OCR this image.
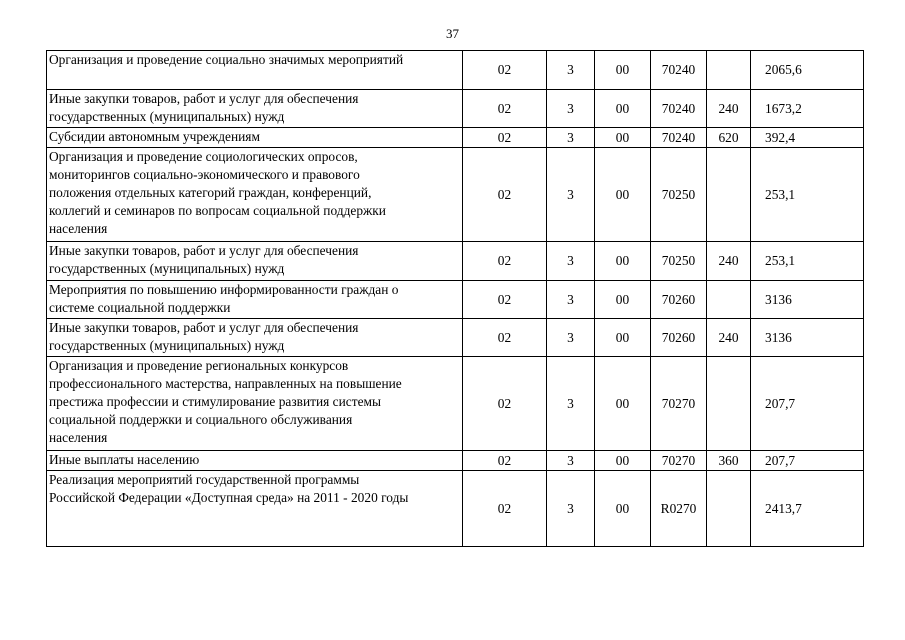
37
Организация и проведение социально значимых мероприятий	02	3	00	70240		2065,6

Иные закупки товаров, работ и услуг для обеспечения
государственных (муниципальных) нужд	02	3	00	70240	240	1673,2

Субсидии автономным учреждениям	02	3	00	70240	620	392,4

Организация и проведение социологических опросов,
мониторингов социально-экономического и правового
положения отдельных категорий граждан, конференций,
коллегий и семинаров по вопросам социальной поддержки
населения	02	3	00	70250		253,1

Иные закупки товаров, работ и услуг для обеспечения
государственных (муниципальных) нужд	02	3	00	70250	240	253,1

Мероприятия по повышению информированности граждан о
системе социальной поддержки	02	3	00	70260		3136

Иные закупки товаров, работ и услуг для обеспечения
государственных (муниципальных) нужд	02	3	00	70260	240	3136

Организация и проведение региональных конкурсов
профессионального мастерства, направленных на повышение
престижа профессии и стимулирование развития системы
социальной поддержки и социального обслуживания
населения	02	3	00	70270		207,7

Иные выплаты населению	02	3	00	70270	360	207,7

Реализация мероприятий государственной программы
Российской Федерации «Доступная среда» на 2011 - 2020 годы	02	3	00	R0270		2413,7
